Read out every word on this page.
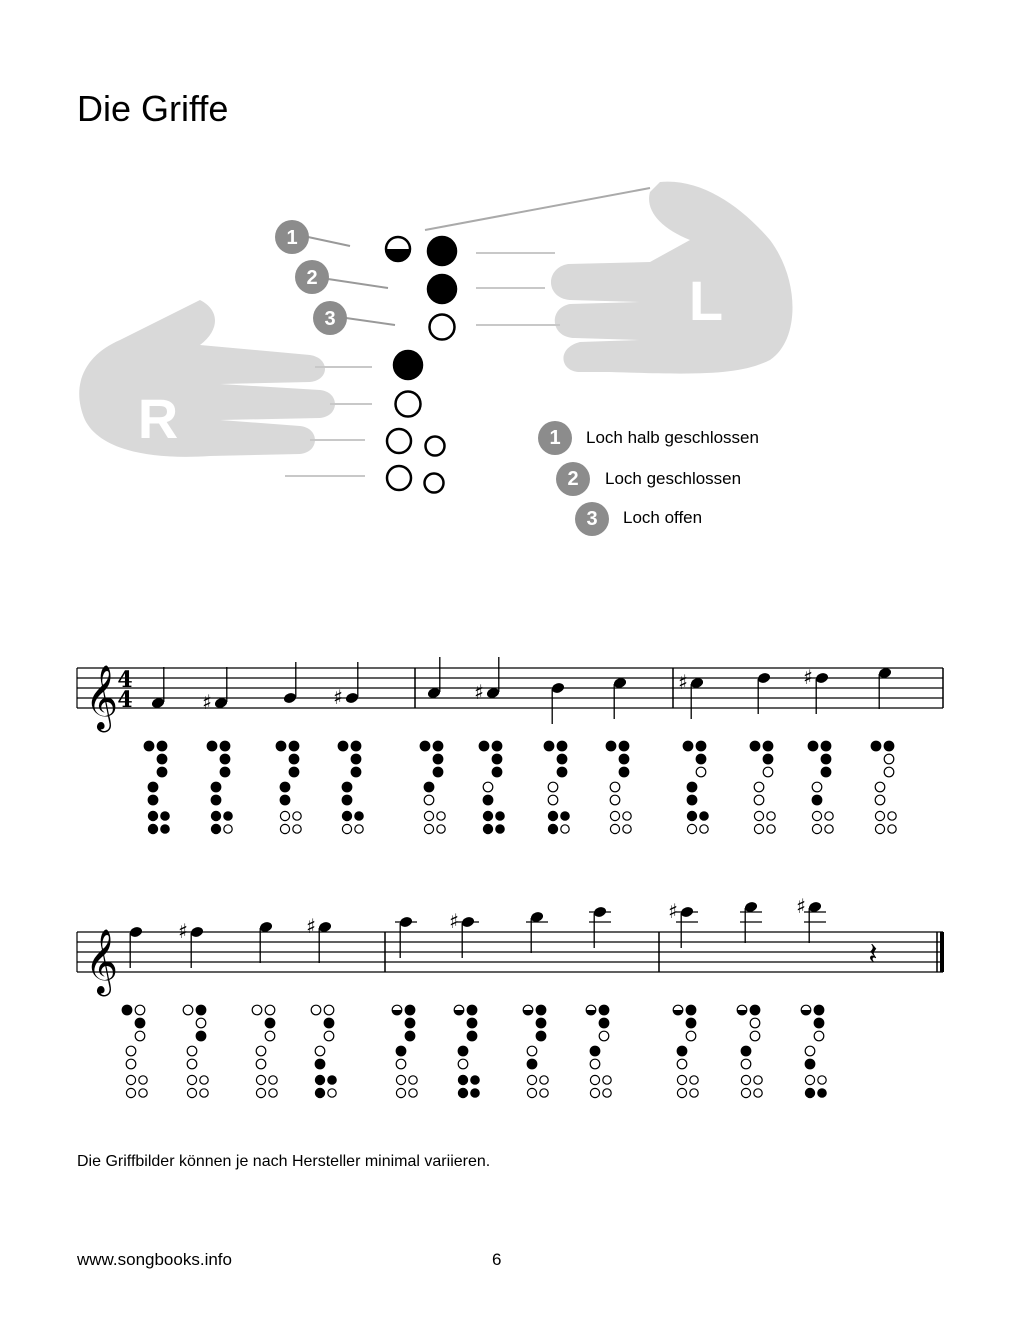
Die Griffe
L
R
1
2
3
1	Loch halb geschlossen
2	Loch geschlossen
3	Loch offen
𝄞 4
4	♯	♯	♯	♯	♯
𝄞	𝄽
♯	♯	♯	♯	♯
Die Griffbilder können je nach Hersteller minimal variieren.
www.songbooks.info	6
